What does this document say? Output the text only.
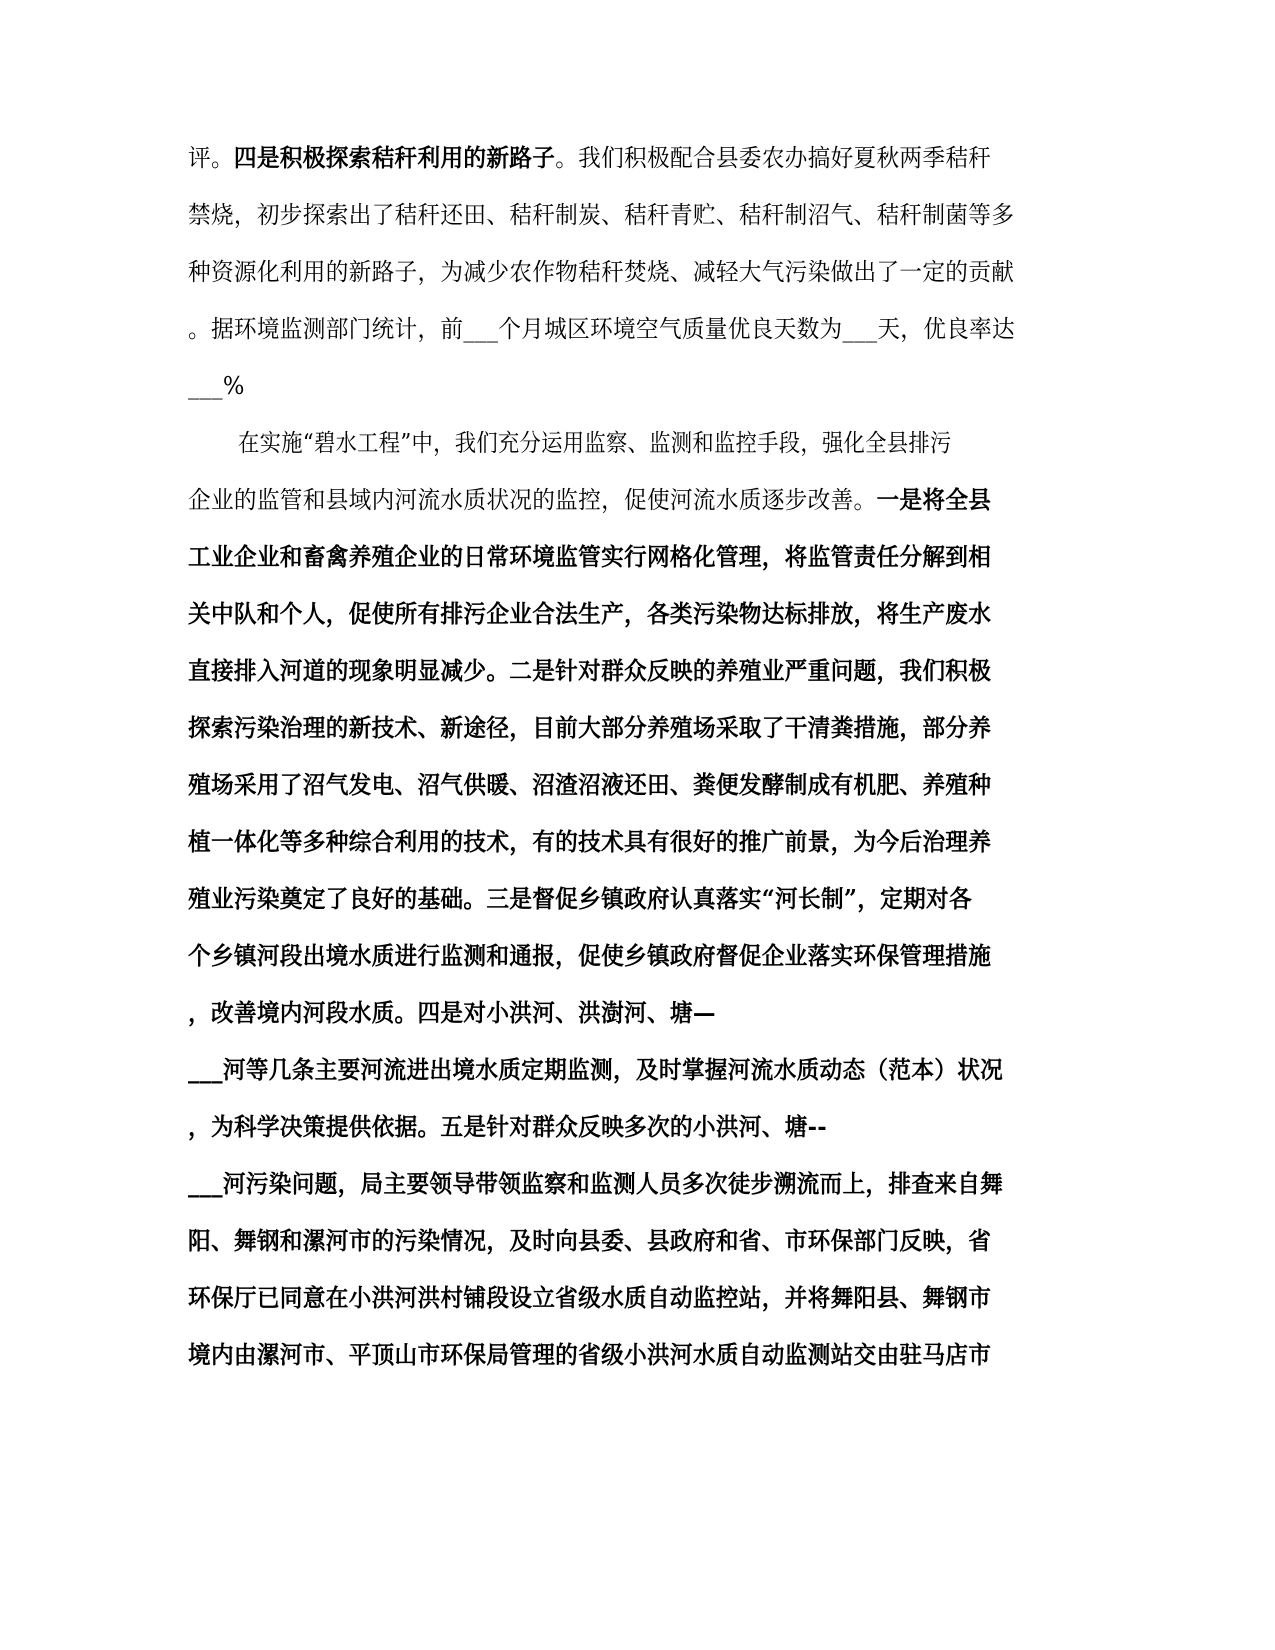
评。四是积极探索秸秆利用的新路子。我们积极配合县委农办搞好夏秋两季秸秆
禁烧，初步探索出了秸秆还田、秸秆制炭、秸秆青贮、秸秆制沼气、秸秆制菌等多
种资源化利用的新路子，为减少农作物秸秆焚烧、减轻大气污染做出了一定的贡献
。据环境监测部门统计，前___个月城区环境空气质量优良天数为___天，优良率达
___%
在实施“碧水工程”中，我们充分运用监察、监测和监控手段，强化全县排污
企业的监管和县域内河流水质状况的监控，促使河流水质逐步改善。一是将全县
工业企业和畜禽养殖企业的日常环境监管实行网格化管理，将监管责任分解到相
关中队和个人，促使所有排污企业合法生产，各类污染物达标排放，将生产废水
直接排入河道的现象明显减少。二是针对群众反映的养殖业严重问题，我们积极
探索污染治理的新技术、新途径，目前大部分养殖场采取了干清粪措施，部分养
殖场采用了沼气发电、沼气供暖、沼渣沼液还田、粪便发酵制成有机肥、养殖种
植一体化等多种综合利用的技术，有的技术具有很好的推广前景，为今后治理养
殖业污染奠定了良好的基础。三是督促乡镇政府认真落实“河长制”，定期对各
个乡镇河段出境水质进行监测和通报，促使乡镇政府督促企业落实环保管理措施
，改善境内河段水质。四是对小洪河、洪澍河、塘—
___河等几条主要河流进出境水质定期监测，及时掌握河流水质动态（范本）状况
，为科学决策提供依据。五是针对群众反映多次的小洪河、塘--
___河污染问题，局主要领导带领监察和监测人员多次徒步溯流而上，排查来自舞
阳、舞钢和漯河市的污染情况，及时向县委、县政府和省、市环保部门反映，省
环保厅已同意在小洪河洪村铺段设立省级水质自动监控站，并将舞阳县、舞钢市
境内由漯河市、平顶山市环保局管理的省级小洪河水质自动监测站交由驻马店市
